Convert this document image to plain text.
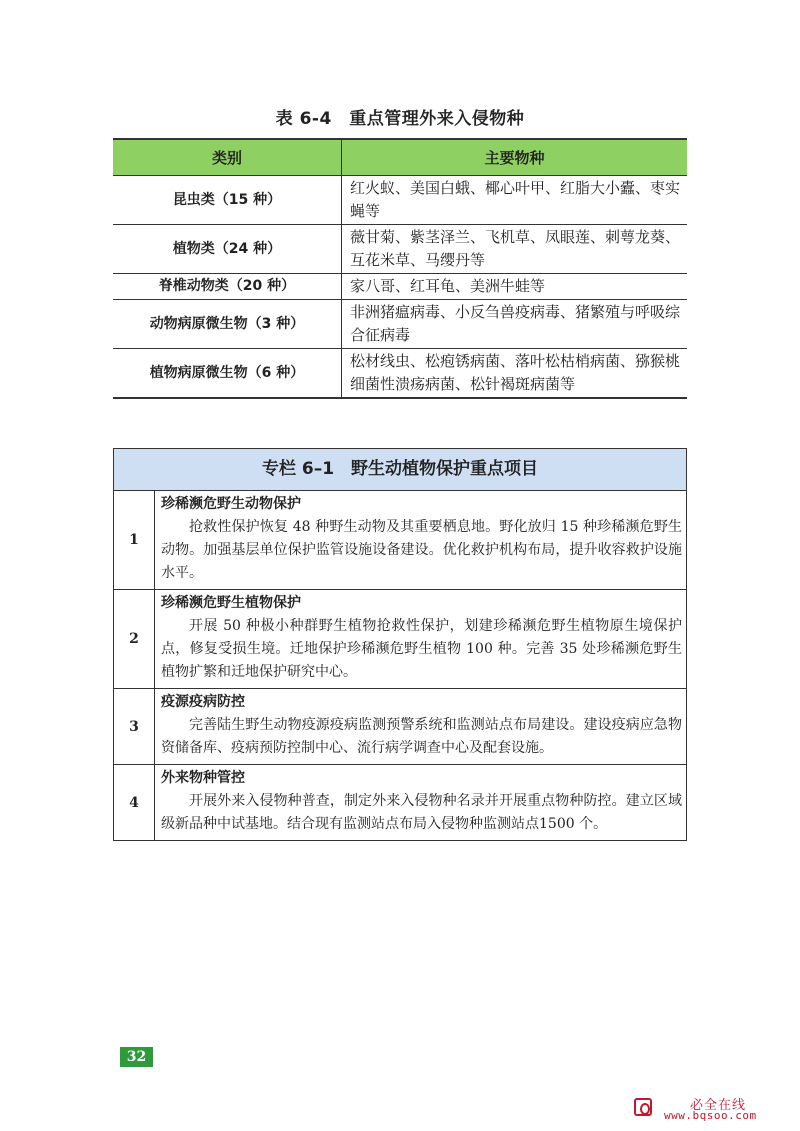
表 6-4　重点管理外来入侵物种
类别	主要物种
昆虫类（15 种）	红火蚁、美国白蛾、椰心叶甲、红脂大小蠹、枣实蝇等
植物类（24 种）	薇甘菊、紫茎泽兰、飞机草、凤眼莲、刺萼龙葵、互花米草、马缨丹等
脊椎动物类（20 种）	家八哥、红耳龟、美洲牛蛙等
动物病原微生物（3 种）	非洲猪瘟病毒、小反刍兽疫病毒、猪繁殖与呼吸综合征病毒
植物病原微生物（6 种）	松材线虫、松疱锈病菌、落叶松枯梢病菌、猕猴桃细菌性溃疡病菌、松针褐斑病菌等
专栏 6–1　野生动植物保护重点项目
1
珍稀濒危野生动物保护
抢救性保护恢复 48 种野生动物及其重要栖息地。野化放归 15 种珍稀濒危野生动物。加强基层单位保护监管设施设备建设。优化救护机构布局，提升收容救护设施水平。
2
珍稀濒危野生植物保护
开展 50 种极小种群野生植物抢救性保护，划建珍稀濒危野生植物原生境保护点，修复受损生境。迁地保护珍稀濒危野生植物 100 种。完善 35 处珍稀濒危野生植物扩繁和迁地保护研究中心。
3
疫源疫病防控
完善陆生野生动物疫源疫病监测预警系统和监测站点布局建设。建设疫病应急物资储备库、疫病预防控制中心、流行病学调查中心及配套设施。
4
外来物种管控
开展外来入侵物种普查，制定外来入侵物种名录并开展重点物种防控。建立区域级新品种中试基地。结合现有监测站点布局入侵物种监测站点1500 个。
32
必全在线
www.bqsoo.com
